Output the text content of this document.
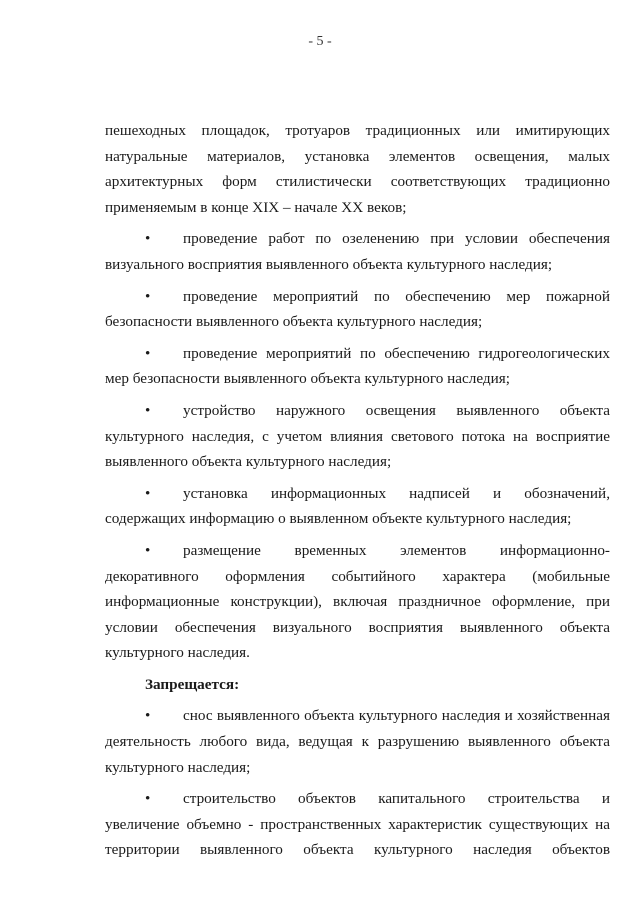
- 5 -

пешеходных площадок, тротуаров традиционных или имитирующих натуральные материалов, установка элементов освещения, малых архитектурных форм стилистически соответствующих традиционно применяемым в конце XIX – начале XX веков;

• проведение работ по озеленению при условии обеспечения визуального восприятия выявленного объекта культурного наследия;

• проведение мероприятий по обеспечению мер пожарной безопасности выявленного объекта культурного наследия;

• проведение мероприятий по обеспечению гидрогеологических мер безопасности выявленного объекта культурного наследия;

• устройство наружного освещения выявленного объекта культурного наследия, с учетом влияния светового потока на восприятие выявленного объекта культурного наследия;

• установка информационных надписей и обозначений, содержащих информацию о выявленном объекте культурного наследия;

• размещение временных элементов информационно-декоративного оформления событийного характера (мобильные информационные конструкции), включая праздничное оформление, при условии обеспечения визуального восприятия выявленного объекта культурного наследия.

Запрещается:

• снос выявленного объекта культурного наследия и хозяйственная деятельность любого вида, ведущая к разрушению выявленного объекта культурного наследия;

• строительство объектов капитального строительства и увеличение объемно - пространственных характеристик существующих на территории выявленного объекта культурного наследия объектов
